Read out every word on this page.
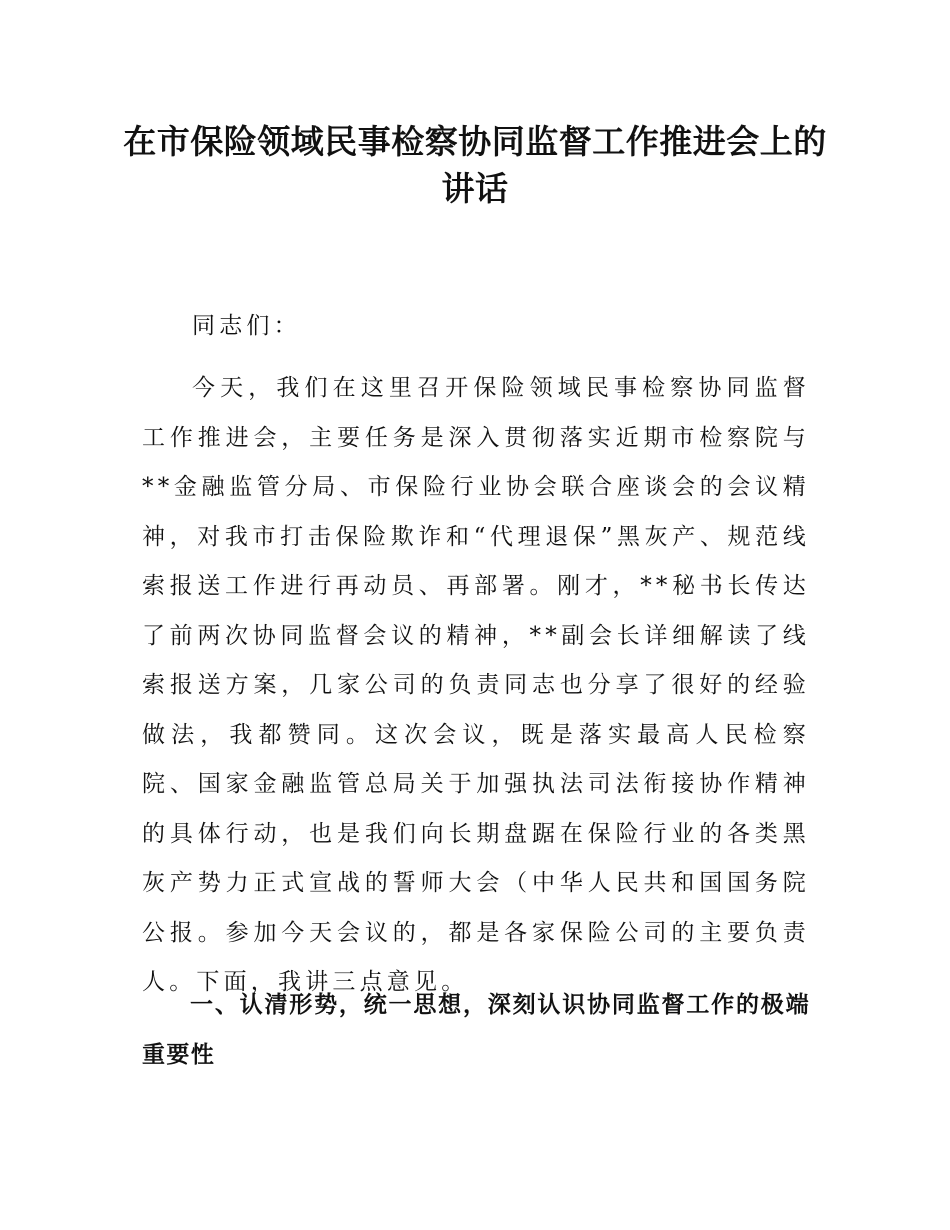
在市保险领域民事检察协同监督工作推进会上的讲话

同志们：

今天，我们在这里召开保险领域民事检察协同监督工作推进会，主要任务是深入贯彻落实近期市检察院与**金融监管分局、市保险行业协会联合座谈会的会议精神，对我市打击保险欺诈和“代理退保”黑灰产、规范线索报送工作进行再动员、再部署。刚才，**秘书长传达了前两次协同监督会议的精神，**副会长详细解读了线索报送方案，几家公司的负责同志也分享了很好的经验做法，我都赞同。这次会议，既是落实最高人民检察院、国家金融监管总局关于加强执法司法衔接协作精神的具体行动，也是我们向长期盘踞在保险行业的各类黑灰产势力正式宣战的誓师大会（中华人民共和国国务院公报。参加今天会议的，都是各家保险公司的主要负责人。下面，我讲三点意见。

一、认清形势，统一思想，深刻认识协同监督工作的极端重要性
